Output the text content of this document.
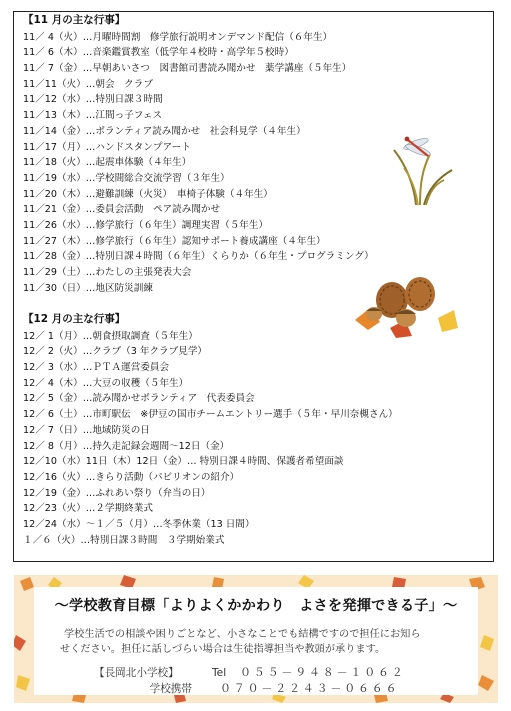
【11 月の主な行事】
11／ 4（火）…月曜時間割　修学旅行説明オンデマンド配信（６年生）
11／ 6（木）…音楽鑑賞教室（低学年４校時・高学年５校時）
11／ 7（金）…早朝あいさつ　図書館司書読み聞かせ　薬学講座（５年生）
11／11（火）…朝会　クラブ
11／12（水）…特別日課３時間
11／13（木）…江間っ子フェス
11／14（金）…ボランティア読み聞かせ　社会科見学（４年生）
11／17（月）…ハンドスタンプアート
11／18（火）…起震車体験（４年生）
11／19（水）…学校間総合交流学習（３年生）
11／20（木）…避難訓練（火災）　車椅子体験（４年生）
11／21（金）…委員会活動　ペア読み聞かせ
11／26（水）…修学旅行（６年生）調理実習（５年生）
11／27（木）…修学旅行（６年生）認知サポート養成講座（４年生）
11／28（金）…特別日課４時間（６年生）くらりか（６年生・プログラミング）
11／29（土）…わたしの主張発表大会
11／30（日）…地区防災訓練
【12 月の主な行事】
12／ 1（月）…朝食摂取調査（５年生）
12／ 2（火）…クラブ（3 年クラブ見学）
12／ 3（水）…ＰＴＡ運営委員会
12／ 4（木）…大豆の収穫（５年生）
12／ 5（金）…読み聞かせボランティア　代表委員会
12／ 6（土）…市町駅伝　※伊豆の国市チームエントリー選手（５年・早川奈槻さん）
12／ 7（日）…地域防災の日
12／ 8（月）…持久走記録会週間～12日（金）
12／10（水）11日（木）12日（金）… 特別日課４時間、保護者希望面談
12／16（火）…きらり活動（パビリオンの紹介）
12／19（金）…ふれあい祭り（弁当の日）
12／23（火）…２学期終業式
12／24（水）～１／５（月）…冬季休業（13 日間）
１／６（火）…特別日課３時間　３学期始業式
～学校教育目標「よりよくかかわり　よさを発揮できる子」～
学校生活での相談や困りごとなど、小さなことでも結構ですので担任にお知ら
せください。担任に話しづらい場合は生徒指導担当や教頭が承ります。
【長岡北小学校】	Tel ０５５－９４８－１０６２
学校携帯	０７０－２２４３－０６６６
